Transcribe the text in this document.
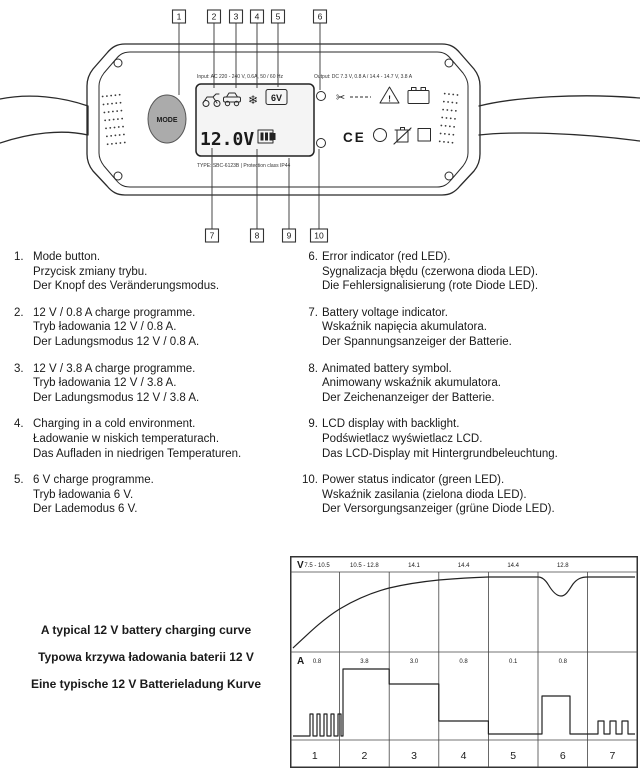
•••••
•••••
•••••
•••••
•••••
•••••
•••••
••••
••••
••••
••••
••••
••••
••••
Input: AC 220 - 240 V, 0.6A, 50 / 60 Hz	Output: DC 7.3 V, 0.8 A / 14.4 - 14.7 V, 3.8 A
MODE
❄ 6V
12.0V
TYPE: SBC-6123B | Protection class IP44
✂	!
CE
1	2 3 4 5	6
7	8	9	10
1. Mode button.
Przycisk zmiany trybu.
Der Knopf des Veränderungsmodus.
2. 12 V / 0.8 A charge programme.
Tryb ładowania 12 V / 0.8 A.
Der Ladungsmodus 12 V / 0.8 A.
3. 12 V / 3.8 A charge programme.
Tryb ładowania 12 V / 3.8 A.
Der Ladungsmodus 12 V / 3.8 A.
4. Charging in a cold environment.
Ładowanie w niskich temperaturach.
Das Aufladen in niedrigen Temperaturen.
5. 6 V charge programme.
Tryb ładowania 6 V.
Der Lademodus 6 V.
6. Error indicator (red LED).
Sygnalizacja błędu (czerwona dioda LED).
Die Fehlersignalisierung (rote Diode LED).
7. Battery voltage indicator.
Wskaźnik napięcia akumulatora.
Der Spannungsanzeiger der Batterie.
8. Animated battery symbol.
Animowany wskaźnik akumulatora.
Der Zeichenanzeiger der Batterie.
9. LCD display with backlight.
Podświetlacz wyświetlacz LCD.
Das LCD-Display mit Hintergrundbeleuchtung.
10. Power status indicator (green LED).
Wskaźnik zasilania (zielona dioda LED).
Der Versorgungsanzeiger (grüne Diode LED).
A typical 12 V battery charging curve
Typowa krzywa ładowania baterii 12 V
Eine typische 12 V Batterieladung Kurve
V 7.5 - 10.5	10.5 - 12.8	14.1	14.4	14.4	12.8
A 0.8	3.8	3.0	0.8	0.1	0.8
1	2	3	4	5	6	7
